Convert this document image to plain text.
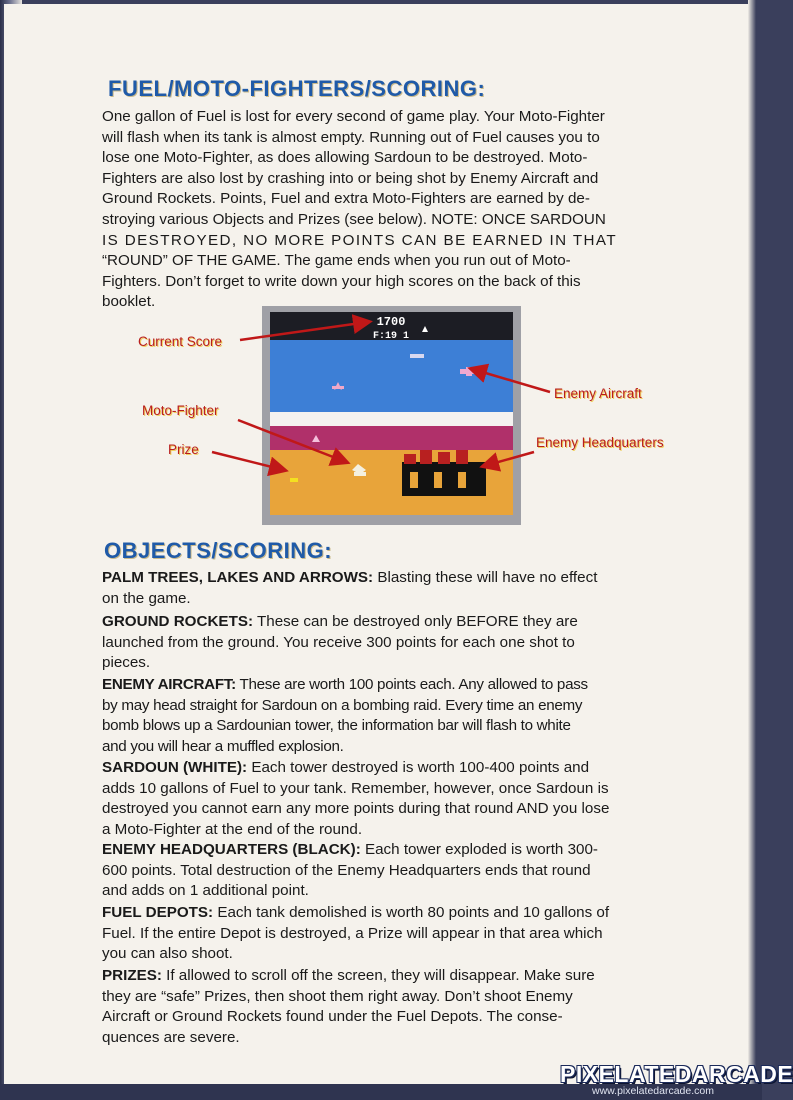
FUEL/MOTO-FIGHTERS/SCORING:
One gallon of Fuel is lost for every second of game play. Your Moto-Fighter
will flash when its tank is almost empty. Running out of Fuel causes you to
lose one Moto-Fighter, as does allowing Sardoun to be destroyed. Moto-
Fighters are also lost by crashing into or being shot by Enemy Aircraft and
Ground Rockets. Points, Fuel and extra Moto-Fighters are earned by de-
stroying various Objects and Prizes (see below). NOTE: ONCE SARDOUN
IS DESTROYED, NO MORE POINTS CAN BE EARNED IN THAT
“ROUND” OF THE GAME. The game ends when you run out of Moto-
Fighters. Don’t forget to write down your high scores on the back of this
booklet.
1700
F:19 1
Current Score
Moto-Fighter
Prize
Enemy Aircraft
Enemy Headquarters
OBJECTS/SCORING:
PALM TREES, LAKES AND ARROWS: Blasting these will have no effect
on the game.
GROUND ROCKETS: These can be destroyed only BEFORE they are
launched from the ground. You receive 300 points for each one shot to
pieces.
ENEMY AIRCRAFT: These are worth 100 points each. Any allowed to pass
by may head straight for Sardoun on a bombing raid. Every time an enemy
bomb blows up a Sardounian tower, the information bar will flash to white
and you will hear a muffled explosion.
SARDOUN (WHITE): Each tower destroyed is worth 100-400 points and
adds 10 gallons of Fuel to your tank. Remember, however, once Sardoun is
destroyed you cannot earn any more points during that round AND you lose
a Moto-Fighter at the end of the round.
ENEMY HEADQUARTERS (BLACK): Each tower exploded is worth 300-
600 points. Total destruction of the Enemy Headquarters ends that round
and adds on 1 additional point.
FUEL DEPOTS: Each tank demolished is worth 80 points and 10 gallons of
Fuel. If the entire Depot is destroyed, a Prize will appear in that area which
you can also shoot.
PRIZES: If allowed to scroll off the screen, they will disappear. Make sure
they are “safe” Prizes, then shoot them right away. Don’t shoot Enemy
Aircraft or Ground Rockets found under the Fuel Depots. The conse-
quences are severe.
PIXELATEDARCADE
www.pixelatedarcade.com
